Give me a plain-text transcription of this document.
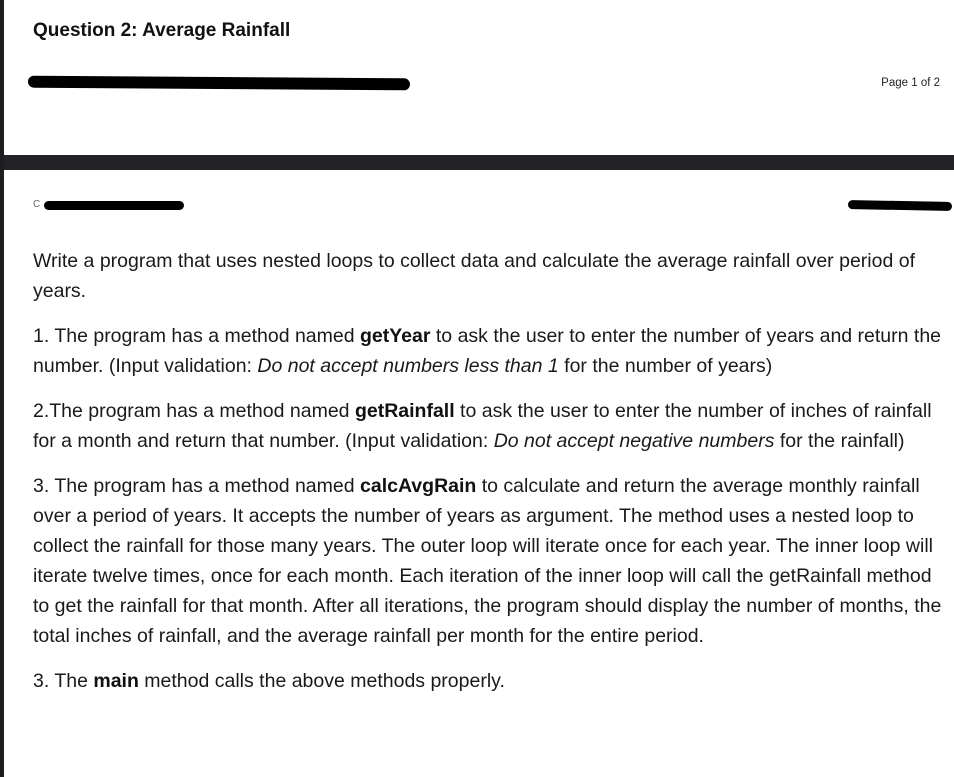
Question 2: Average Rainfall
Page 1 of 2
C

Write a program that uses nested loops to collect data and calculate the average rainfall over period of years.

1. The program has a method named getYear to ask the user to enter the number of years and return the number. (Input validation: Do not accept numbers less than 1 for the number of years)

2.The program has a method named getRainfall to ask the user to enter the number of inches of rainfall for a month and return that number. (Input validation: Do not accept negative numbers for the rainfall)

3. The program has a method named calcAvgRain to calculate and return the average monthly rainfall over a period of years. It accepts the number of years as argument. The method uses a nested loop to collect the rainfall for those many years. The outer loop will iterate once for each year. The inner loop will iterate twelve times, once for each month. Each iteration of the inner loop will call the getRainfall method to get the rainfall for that month. After all iterations, the program should display the number of months, the total inches of rainfall, and the average rainfall per month for the entire period.

3. The main method calls the above methods properly.
